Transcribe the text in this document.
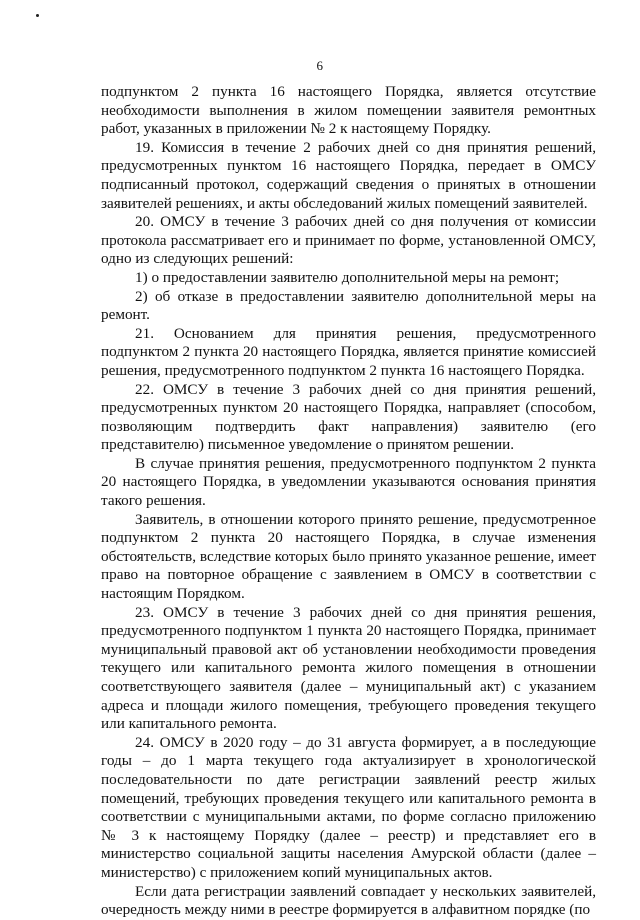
6

подпунктом 2 пункта 16 настоящего Порядка, является отсутствие необходимости выполнения в жилом помещении заявителя ремонтных работ, указанных в приложении № 2 к настоящему Порядку.

19. Комиссия в течение 2 рабочих дней со дня принятия решений, предусмотренных пунктом 16 настоящего Порядка, передает в ОМСУ подписанный протокол, содержащий сведения о принятых в отношении заявителей решениях, и акты обследований жилых помещений заявителей.

20. ОМСУ в течение 3 рабочих дней со дня получения от комиссии протокола рассматривает его и принимает по форме, установленной ОМСУ, одно из следующих решений:

1) о предоставлении заявителю дополнительной меры на ремонт;

2) об отказе в предоставлении заявителю дополнительной меры на ремонт.

21. Основанием для принятия решения, предусмотренного подпунктом 2 пункта 20 настоящего Порядка, является принятие комиссией решения, предусмотренного подпунктом 2 пункта 16 настоящего Порядка.

22. ОМСУ в течение 3 рабочих дней со дня принятия решений, предусмотренных пунктом 20 настоящего Порядка, направляет (способом, позволяющим подтвердить факт направления) заявителю (его представителю) письменное уведомление о принятом решении.

В случае принятия решения, предусмотренного подпунктом 2 пункта 20 настоящего Порядка, в уведомлении указываются основания принятия такого решения.

Заявитель, в отношении которого принято решение, предусмотренное подпунктом 2 пункта 20 настоящего Порядка, в случае изменения обстоятельств, вследствие которых было принято указанное решение, имеет право на повторное обращение с заявлением в ОМСУ в соответствии с настоящим Порядком.

23. ОМСУ в течение 3 рабочих дней со дня принятия решения, предусмотренного подпунктом 1 пункта 20 настоящего Порядка, принимает муниципальный правовой акт об установлении необходимости проведения текущего или капитального ремонта жилого помещения в отношении соответствующего заявителя (далее – муниципальный акт) с указанием адреса и площади жилого помещения, требующего проведения текущего или капитального ремонта.

24. ОМСУ в 2020 году – до 31 августа формирует, а в последующие годы – до 1 марта текущего года актуализирует в хронологической последовательности по дате регистрации заявлений реестр жилых помещений, требующих проведения текущего или капитального ремонта в соответствии с муниципальными актами, по форме согласно приложению № 3 к настоящему Порядку (далее – реестр) и представляет его в министерство социальной защиты населения Амурской области (далее – министерство) с приложением копий муниципальных актов.

Если дата регистрации заявлений совпадает у нескольких заявителей, очередность между ними в реестре формируется в алфавитном порядке (по
